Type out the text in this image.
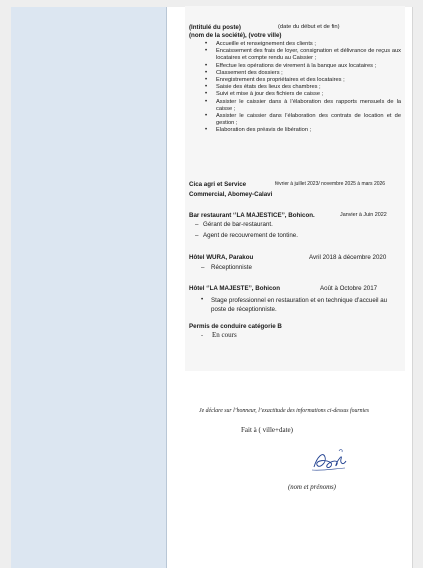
(Intitulé du poste)	(date du début et de fin)
(nom de la société), (votre ville)
• Accueille et renseignement des clients ;
• Encaissement des frais de loyer, consignation et délivrance de reçus aux locataires et compte rendu au Caissier ;
• Effectue les opérations de virement à la banque aux locataires ;
• Classement des dossiers ;
• Enregistrement des propriétaires et des locataires ;
• Saisie des états des lieux des chambres ;
• Suivi et mise à jour des fichiers de caisse ;
• Assister le caissier dans à l’élaboration des rapports mensuels de la caisse ;
• Assister le caissier dans l’élaboration des contrats de location et de gestion ;
• Elaboration des préavis de libération ;
Cica agri et Service	février à juillet 2023/ novembre 2025 à mars 2026
Commercial, Abomey-Calavi
Bar restaurant ‘’LA MAJESTICE’’, Bohicon.	Janvier à Juin 2022
– Gérant de bar-restaurant.
– Agent de recouvrement de tontine.
Hôtel WURA, Parakou	Avril 2018 à décembre 2020
– Réceptionniste
Hôtel ‘’LA MAJESTE’’, Bohicon	Août à Octobre 2017
• Stage professionnel en restauration et en technique d’accueil au poste de réceptionniste.
Permis de conduire catégorie B
- En cours
Je déclare sur l’honneur, l’exactitude des informations ci-dessus fournies
Fait à ( ville+date)
(nom et prénoms)
